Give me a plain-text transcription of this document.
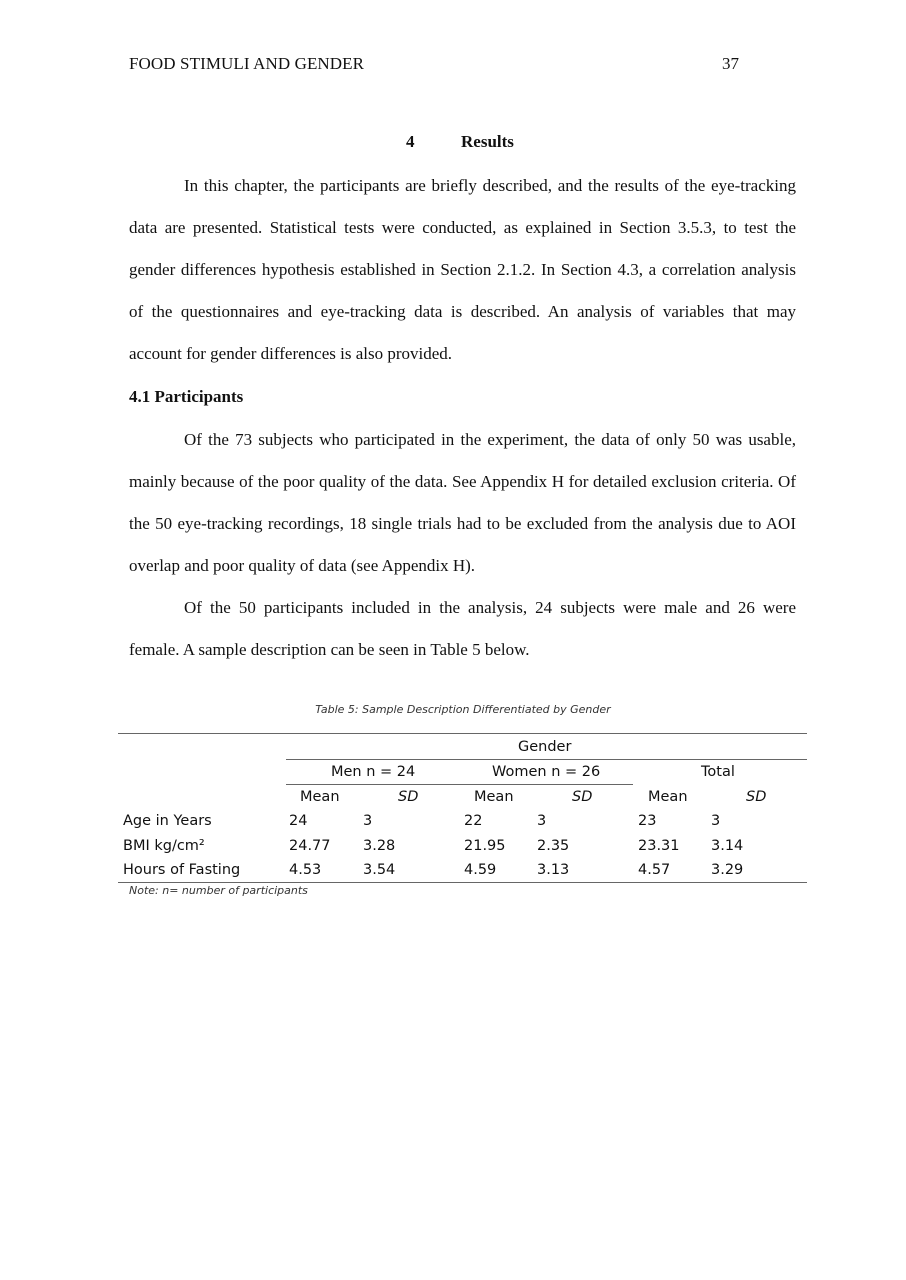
FOOD STIMULI AND GENDER	37
4	Results

In this chapter, the participants are briefly described, and the results of the eye-tracking data are presented. Statistical tests were conducted, as explained in Section 3.5.3, to test the gender differences hypothesis established in Section 2.1.2. In Section 4.3, a correlation analysis of the questionnaires and eye-tracking data is described. An analysis of variables that may account for gender differences is also provided.

4.1 Participants

Of the 73 subjects who participated in the experiment, the data of only 50 was usable, mainly because of the poor quality of the data. See Appendix H for detailed exclusion criteria. Of the 50 eye-tracking recordings, 18 single trials had to be excluded from the analysis due to AOI overlap and poor quality of data (see Appendix H).

Of the 50 participants included in the analysis, 24 subjects were male and 26 were female. A sample description can be seen in Table 5 below.

Table 5: Sample Description Differentiated by Gender
Gender
Men n = 24	Women n = 26	Total
Mean	SD	Mean	SD	Mean	SD
Age in Years	24	3	22	3	23	3
BMI kg/cm²	24.77 3.28	21.95 2.35	23.31 3.14
Hours of Fasting	4.53	3.54	4.59	3.13	4.57	3.29
Note: n= number of participants
